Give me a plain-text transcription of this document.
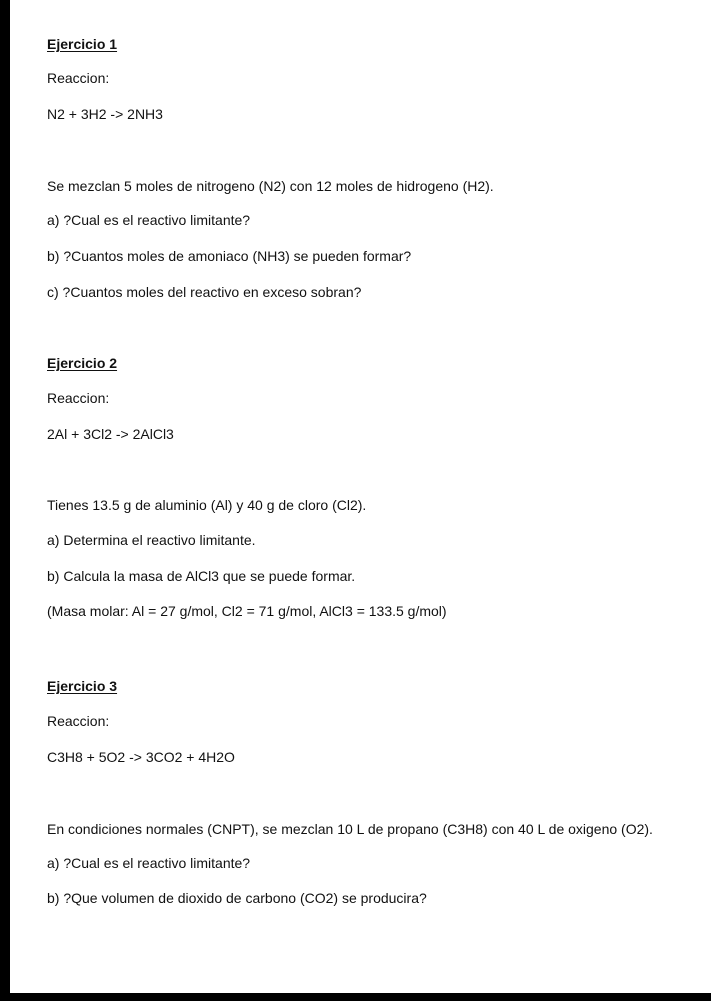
Ejercicio 1
Reaccion:
N2 + 3H2 -> 2NH3
Se mezclan 5 moles de nitrogeno (N2) con 12 moles de hidrogeno (H2).
a) ?Cual es el reactivo limitante?
b) ?Cuantos moles de amoniaco (NH3) se pueden formar?
c) ?Cuantos moles del reactivo en exceso sobran?
Ejercicio 2
Reaccion:
2Al + 3Cl2 -> 2AlCl3
Tienes 13.5 g de aluminio (Al) y 40 g de cloro (Cl2).
a) Determina el reactivo limitante.
b) Calcula la masa de AlCl3 que se puede formar.
(Masa molar: Al = 27 g/mol, Cl2 = 71 g/mol, AlCl3 = 133.5 g/mol)
Ejercicio 3
Reaccion:
C3H8 + 5O2 -> 3CO2 + 4H2O
En condiciones normales (CNPT), se mezclan 10 L de propano (C3H8) con 40 L de oxigeno (O2).
a) ?Cual es el reactivo limitante?
b) ?Que volumen de dioxido de carbono (CO2) se producira?
